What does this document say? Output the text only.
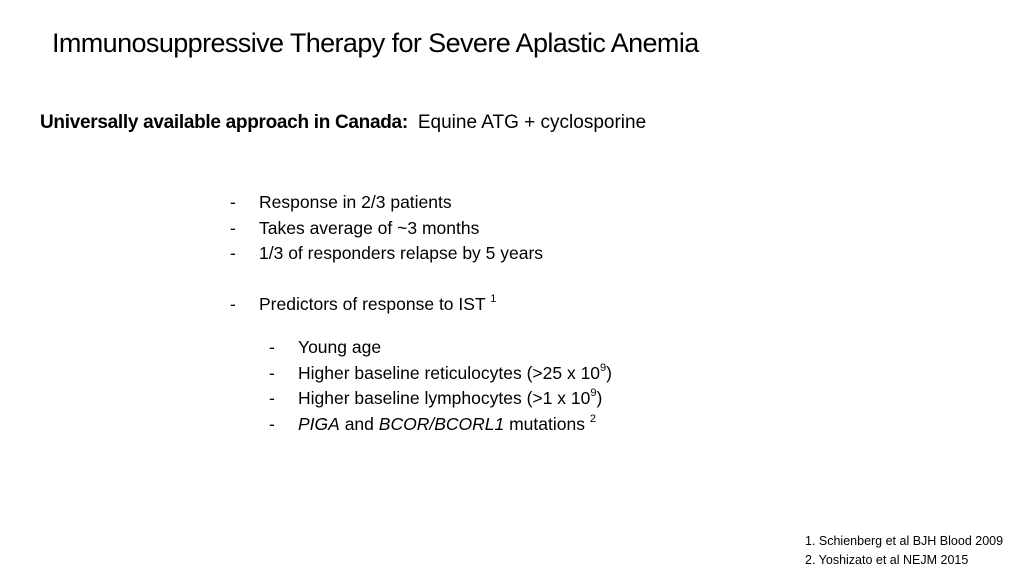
Immunosuppressive Therapy for Severe Aplastic Anemia
Universally available approach in Canada: Equine ATG + cyclosporine
-	Response in 2/3 patients
-	Takes average of ~3 months
-	1/3 of responders relapse by 5 years
-	Predictors of response to IST $^1$
-	Young age
-	Higher baseline reticulocytes (>25 x $10^9$)
-	Higher baseline lymphocytes (>1 x $10^9$)
-	PIGA and BCOR/BCORL1 mutations $^2$
1. Schienberg et al BJH Blood 2009
2. Yoshizato et al NEJM 2015
